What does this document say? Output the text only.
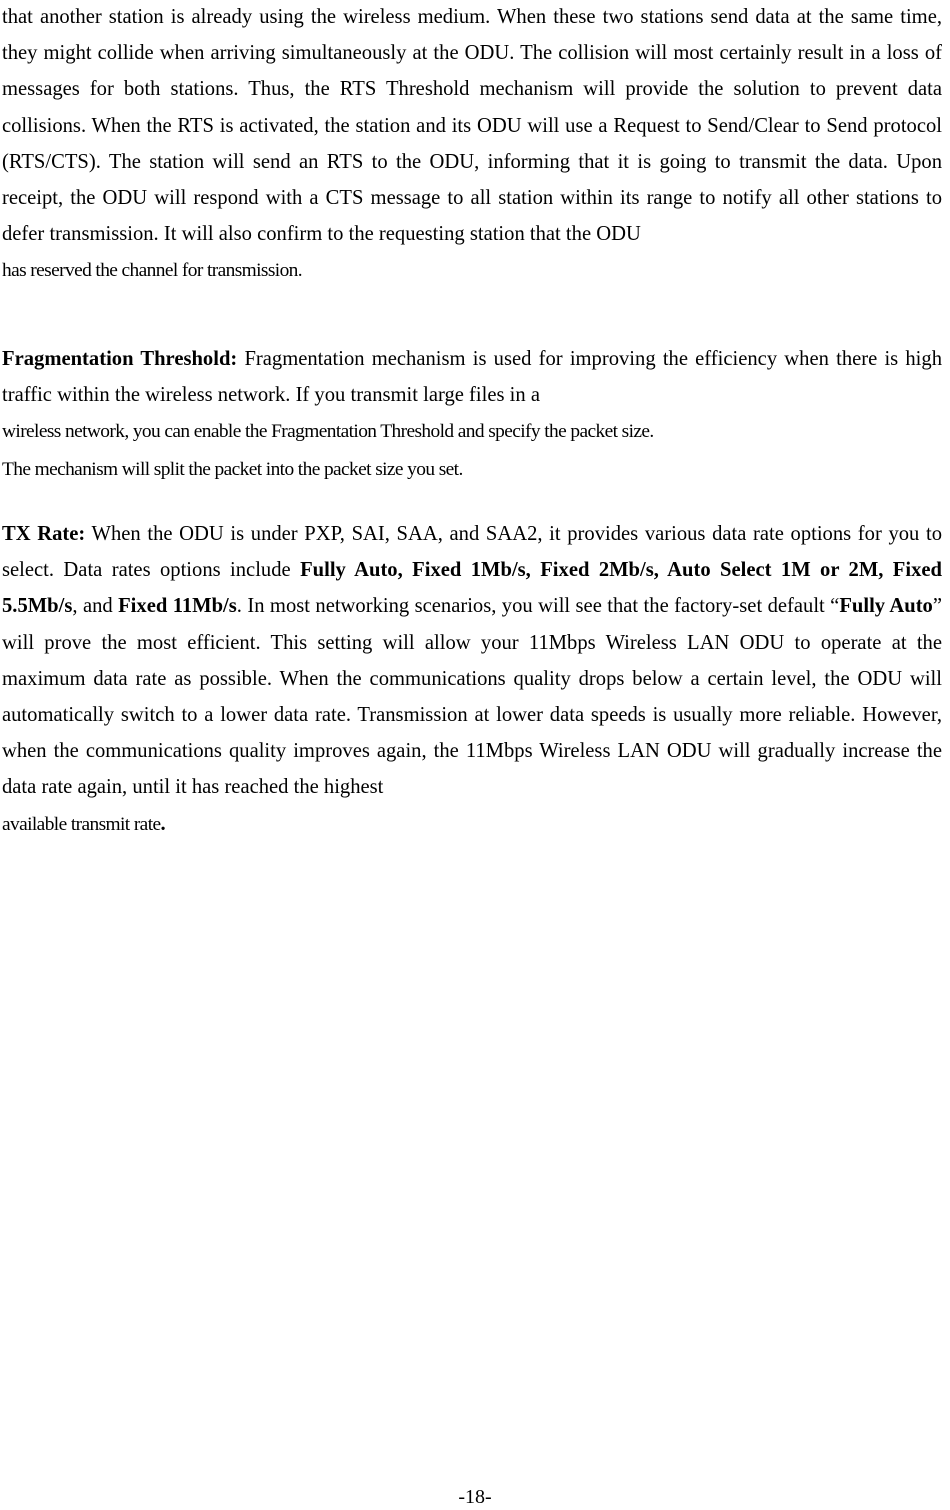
that another station is already using the wireless medium. When these two stations send data at the same time, they might collide when arriving simultaneously at the ODU. The collision will most certainly result in a loss of messages for both stations. Thus, the RTS Threshold mechanism will provide the solution to prevent data collisions. When the RTS is activated, the station and its ODU will use a Request to Send/Clear to Send protocol (RTS/CTS). The station will send an RTS to the ODU, informing that it is going to transmit the data. Upon receipt, the ODU will respond with a CTS message to all station within its range to notify all other stations to defer transmission. It will also confirm to the requesting station that the ODU
has reserved the channel for transmission.

Fragmentation Threshold: Fragmentation mechanism is used for improving the efficiency when there is high traffic within the wireless network. If you transmit large files in a
wireless network, you can enable the Fragmentation Threshold and specify the packet size.
The mechanism will split the packet into the packet size you set.

TX Rate: When the ODU is under PXP, SAI, SAA, and SAA2, it provides various data rate options for you to select. Data rates options include Fully Auto, Fixed 1Mb/s, Fixed 2Mb/s, Auto Select 1M or 2M, Fixed 5.5Mb/s, and Fixed 11Mb/s. In most networking scenarios, you will see that the factory-set default “Fully Auto” will prove the most efficient. This setting will allow your 11Mbps Wireless LAN ODU to operate at the maximum data rate as possible. When the communications quality drops below a certain level, the ODU will automatically switch to a lower data rate. Transmission at lower data speeds is usually more reliable. However, when the communications quality improves again, the 11Mbps Wireless LAN ODU will gradually increase the data rate again, until it has reached the highest
available transmit rate.

-18-
